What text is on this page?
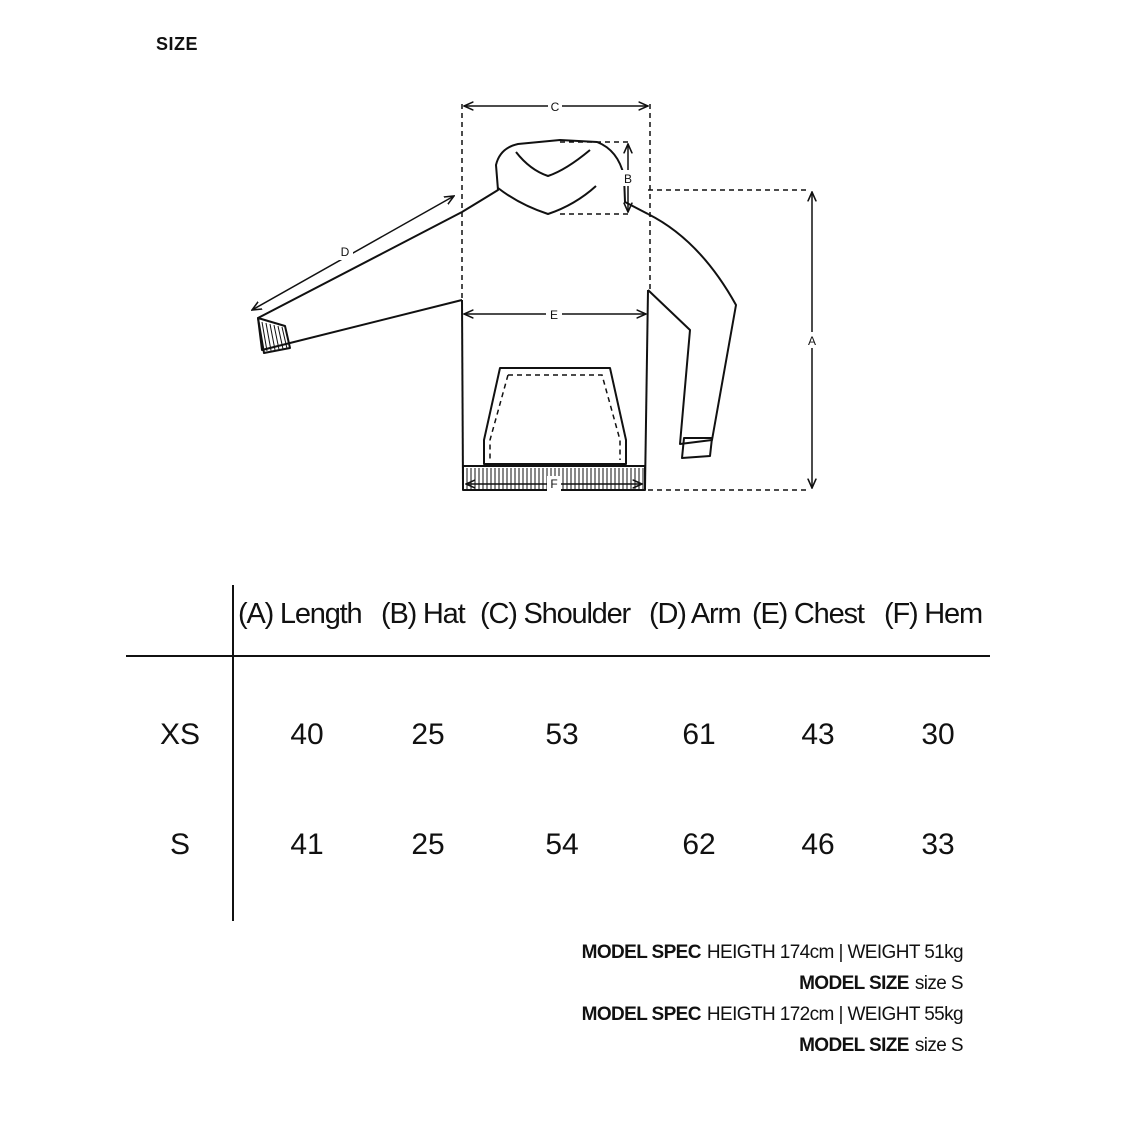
SIZE
C
B
A
D
E
F
(A) Length (B) Hat (C) Shoulder (D) Arm (E) Chest (F) Hem
XS	40	25	53	61	43	30
S	41	25	54	62	46	33
MODEL SPEC HEIGTH 174cm | WEIGHT 51kg
MODEL SIZE size S
MODEL SPEC HEIGTH 172cm | WEIGHT 55kg
MODEL SIZE size S
